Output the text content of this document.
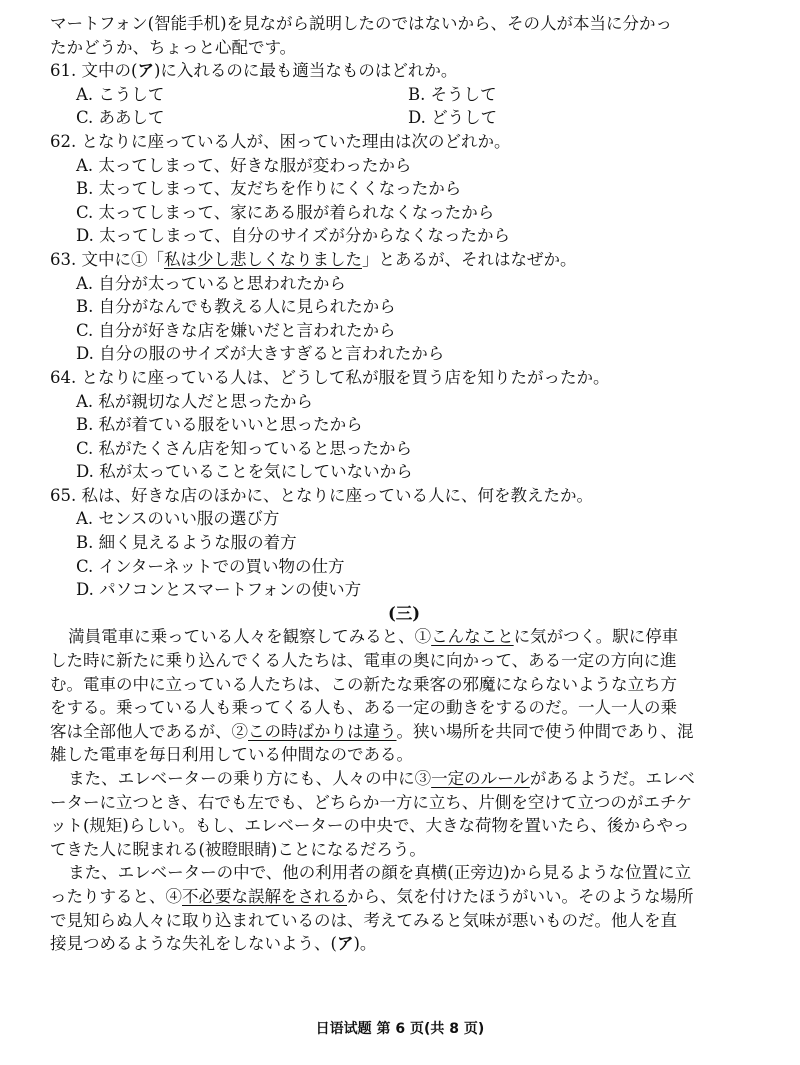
マートフォン(智能手机)を見ながら説明したのではないから、その人が本当に分かっ
たかどうか、ちょっと心配です。
61. 文中の(ア)に入れるのに最も適当なものはどれか。
A. こうして	B. そうして
C. ああして	D. どうして
62. となりに座っている人が、困っていた理由は次のどれか。
A. 太ってしまって、好きな服が変わったから
B. 太ってしまって、友だちを作りにくくなったから
C. 太ってしまって、家にある服が着られなくなったから
D. 太ってしまって、自分のサイズが分からなくなったから
63. 文中に①「私は少し悲しくなりました」とあるが、それはなぜか。
A. 自分が太っていると思われたから
B. 自分がなんでも教える人に見られたから
C. 自分が好きな店を嫌いだと言われたから
D. 自分の服のサイズが大きすぎると言われたから
64. となりに座っている人は、どうして私が服を買う店を知りたがったか。
A. 私が親切な人だと思ったから
B. 私が着ている服をいいと思ったから
C. 私がたくさん店を知っていると思ったから
D. 私が太っていることを気にしていないから
65. 私は、好きな店のほかに、となりに座っている人に、何を教えたか。
A. センスのいい服の選び方
B. 細く見えるような服の着方
C. インターネットでの買い物の仕方
D. パソコンとスマートフォンの使い方
(三)
満員電車に乗っている人々を観察してみると、①こんなことに気がつく。駅に停車
した時に新たに乗り込んでくる人たちは、電車の奥に向かって、ある一定の方向に進
む。電車の中に立っている人たちは、この新たな乗客の邪魔にならないような立ち方
をする。乗っている人も乗ってくる人も、ある一定の動きをするのだ。一人一人の乗
客は全部他人であるが、②この時ばかりは違う。狭い場所を共同で使う仲間であり、混
雑した電車を毎日利用している仲間なのである。
また、エレベーターの乗り方にも、人々の中に③一定のルールがあるようだ。エレベ
ーターに立つとき、右でも左でも、どちらか一方に立ち、片側を空けて立つのがエチケ
ット(规矩)らしい。もし、エレベーターの中央で、大きな荷物を置いたら、後からやっ
てきた人に睨まれる(被瞪眼睛)ことになるだろう。
また、エレベーターの中で、他の利用者の顔を真横(正旁边)から見るような位置に立
ったりすると、④不必要な誤解をされるから、気を付けたほうがいい。そのような場所
で見知らぬ人々に取り込まれているのは、考えてみると気味が悪いものだ。他人を直
接見つめるような失礼をしないよう、(ア)。
日语试题 第 6 页(共 8 页)
